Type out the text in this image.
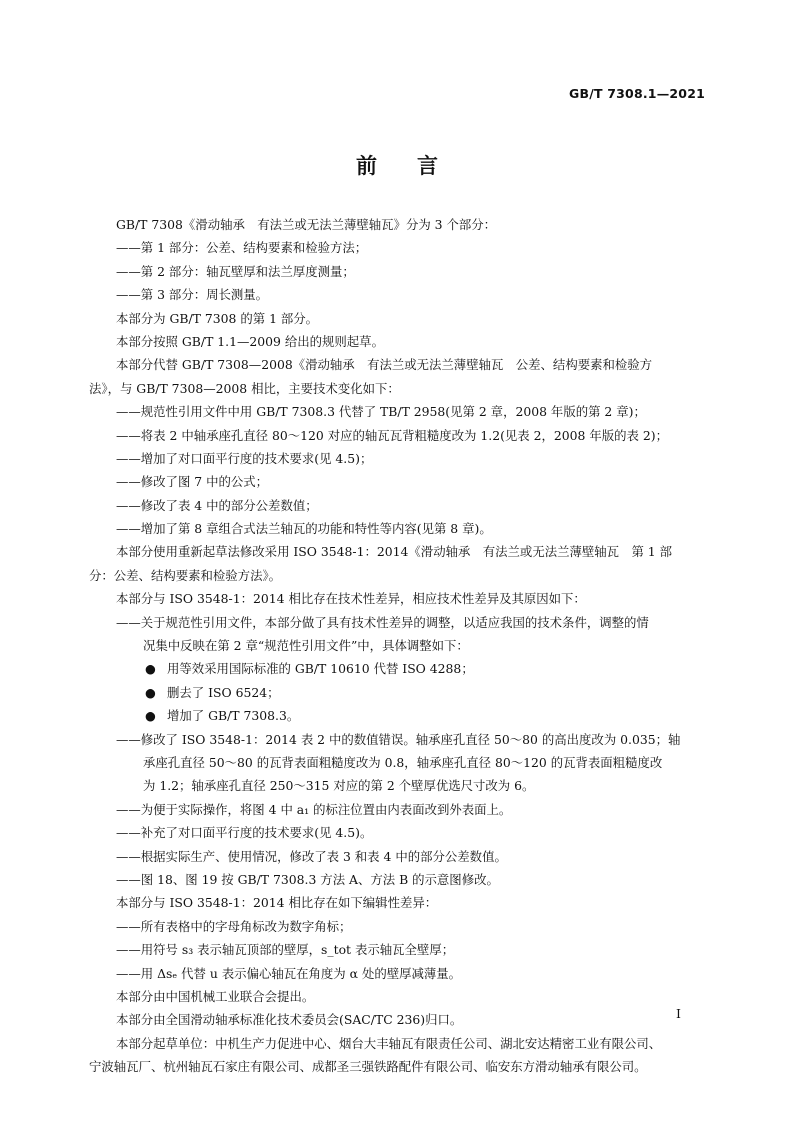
GB/T 7308.1—2021
前言
GB/T 7308《滑动轴承　有法兰或无法兰薄壁轴瓦》分为 3 个部分：
——第 1 部分：公差、结构要素和检验方法；
——第 2 部分：轴瓦壁厚和法兰厚度测量；
——第 3 部分：周长测量。
本部分为 GB/T 7308 的第 1 部分。
本部分按照 GB/T 1.1—2009 给出的规则起草。
本部分代替 GB/T 7308—2008《滑动轴承　有法兰或无法兰薄壁轴瓦　公差、结构要素和检验方
法》，与 GB/T 7308—2008 相比，主要技术变化如下：
——规范性引用文件中用 GB/T 7308.3 代替了 TB/T 2958(见第 2 章，2008 年版的第 2 章)；
——将表 2 中轴承座孔直径 80～120 对应的轴瓦瓦背粗糙度改为 1.2(见表 2，2008 年版的表 2)；
——增加了对口面平行度的技术要求(见 4.5)；
——修改了图 7 中的公式；
——修改了表 4 中的部分公差数值；
——增加了第 8 章组合式法兰轴瓦的功能和特性等内容(见第 8 章)。
本部分使用重新起草法修改采用 ISO 3548-1：2014《滑动轴承　有法兰或无法兰薄壁轴瓦　第 1 部
分：公差、结构要素和检验方法》。
本部分与 ISO 3548-1：2014 相比存在技术性差异，相应技术性差异及其原因如下：
——关于规范性引用文件，本部分做了具有技术性差异的调整，以适应我国的技术条件，调整的情
况集中反映在第 2 章“规范性引用文件”中，具体调整如下：
● 用等效采用国际标准的 GB/T 10610 代替 ISO 4288；
● 删去了 ISO 6524；
● 增加了 GB/T 7308.3。
——修改了 ISO 3548-1：2014 表 2 中的数值错误。轴承座孔直径 50～80 的高出度改为 0.035；轴
承座孔直径 50～80 的瓦背表面粗糙度改为 0.8，轴承座孔直径 80～120 的瓦背表面粗糙度改
为 1.2；轴承座孔直径 250～315 对应的第 2 个壁厚优选尺寸改为 6。
——为便于实际操作，将图 4 中 a₁ 的标注位置由内表面改到外表面上。
——补充了对口面平行度的技术要求(见 4.5)。
——根据实际生产、使用情况，修改了表 3 和表 4 中的部分公差数值。
——图 18、图 19 按 GB/T 7308.3 方法 A、方法 B 的示意图修改。
本部分与 ISO 3548-1：2014 相比存在如下编辑性差异：
——所有表格中的字母角标改为数字角标；
——用符号 s₃ 表示轴瓦顶部的壁厚，s_tot 表示轴瓦全壁厚；
——用 Δsₑ 代替 u 表示偏心轴瓦在角度为 α 处的壁厚减薄量。
本部分由中国机械工业联合会提出。
本部分由全国滑动轴承标准化技术委员会(SAC/TC 236)归口。
本部分起草单位：中机生产力促进中心、烟台大丰轴瓦有限责任公司、湖北安达精密工业有限公司、
宁波轴瓦厂、杭州轴瓦石家庄有限公司、成都圣三强铁路配件有限公司、临安东方滑动轴承有限公司。
I
